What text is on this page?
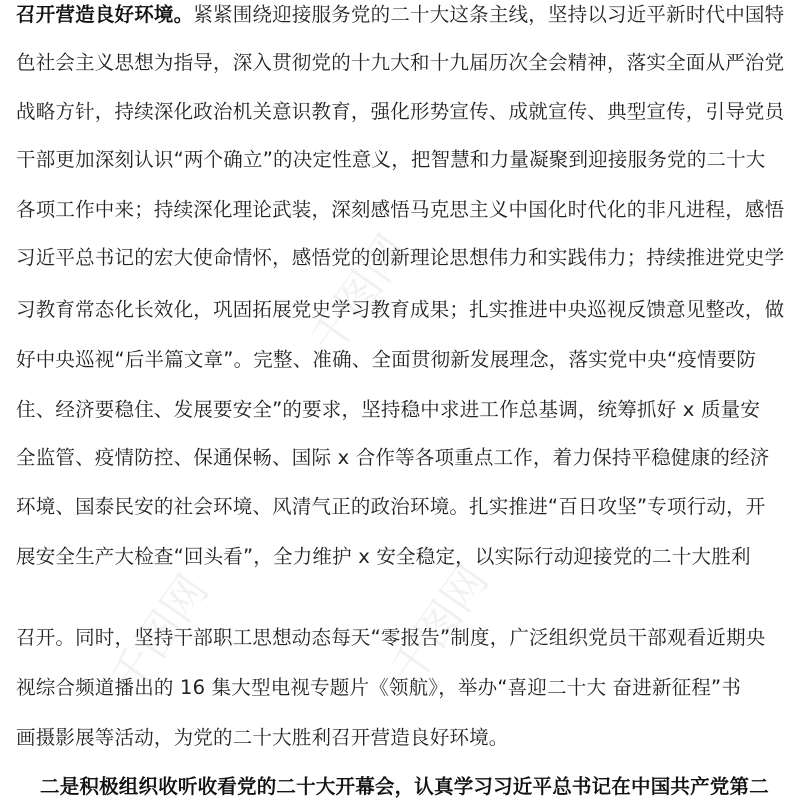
千图网
千图网	千图网
召开营造良好环境。紧紧围绕迎接服务党的二十大这条主线，坚持以习近平新时代中国特
色社会主义思想为指导，深入贯彻党的十九大和十九届历次全会精神，落实全面从严治党
战略方针，持续深化政治机关意识教育，强化形势宣传、成就宣传、典型宣传，引导党员
干部更加深刻认识“两个确立”的决定性意义，把智慧和力量凝聚到迎接服务党的二十大
各项工作中来；持续深化理论武装，深刻感悟马克思主义中国化时代化的非凡进程，感悟
习近平总书记的宏大使命情怀，感悟党的创新理论思想伟力和实践伟力；持续推进党史学
习教育常态化长效化，巩固拓展党史学习教育成果；扎实推进中央巡视反馈意见整改，做
好中央巡视“后半篇文章”。完整、准确、全面贯彻新发展理念，落实党中央“疫情要防
住、经济要稳住、发展要安全”的要求，坚持稳中求进工作总基调，统筹抓好 x 质量安
全监管、疫情防控、保通保畅、国际 x 合作等各项重点工作，着力保持平稳健康的经济
环境、国泰民安的社会环境、风清气正的政治环境。扎实推进“百日攻坚”专项行动，开
展安全生产大检查“回头看”，全力维护 x 安全稳定，以实际行动迎接党的二十大胜利
召开。同时，坚持干部职工思想动态每天“零报告”制度，广泛组织党员干部观看近期央
视综合频道播出的 16 集大型电视专题片《领航》，举办“喜迎二十大 奋进新征程”书
画摄影展等活动，为党的二十大胜利召开营造良好环境。
二是积极组织收听收看党的二十大开幕会，认真学习习近平总书记在中国共产党第二
